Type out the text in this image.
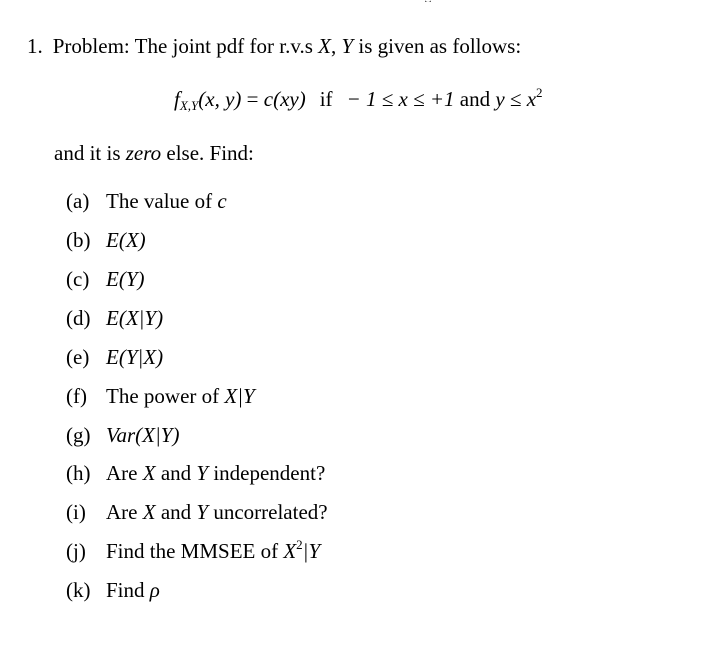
1. Problem: The joint pdf for r.v.s X, Y is given as follows:
$f_{X,Y}(x$, y) = c(xy) if − 1 ≤ x ≤ +1 and $y \le x^2$
and it is zero else. Find:
(a) The value of c
(b) E(X)
(c) E(Y)
(d) E(X|Y)
(e) E(Y|X)
(f) The power of X|Y
(g) Var(X|Y)
(h) Are X and Y independent?
(i) Are X and Y uncorrelated?
(j) Find the MMSEE of $X^2|Y$
(k) Find ρ
